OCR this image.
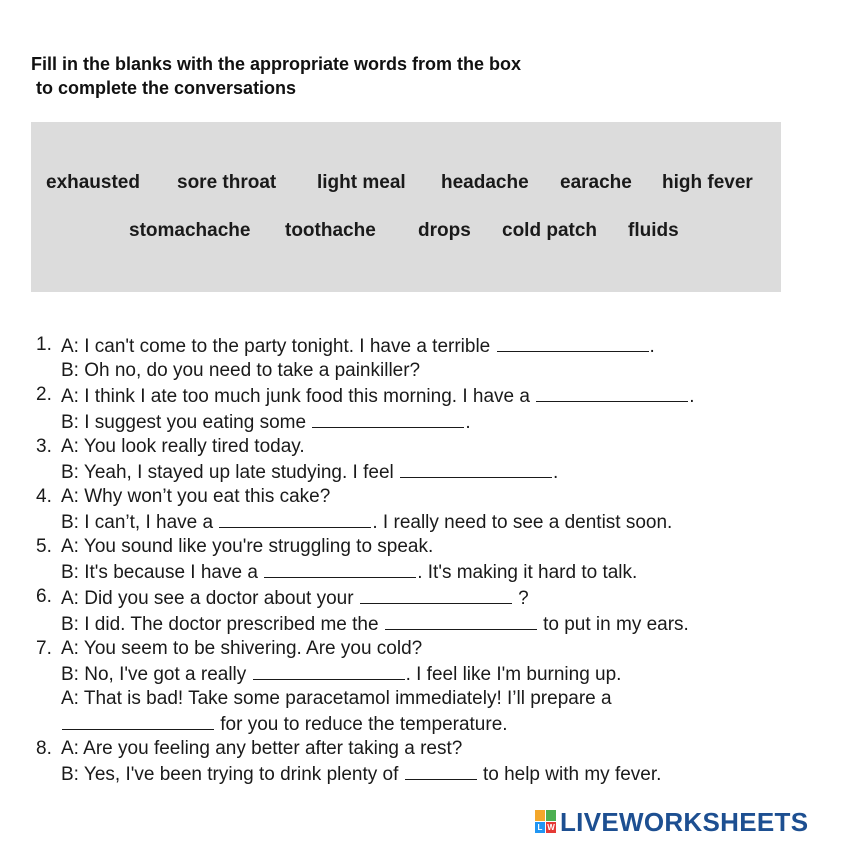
Fill in the blanks with the appropriate words from the box
to complete the conversations
exhausted sore throat light meal headache earache high fever
stomachache toothache drops cold patch fluids
1. A: I can't come to the party tonight. I have a terrible	.
B: Oh no, do you need to take a painkiller?
2. A: I think I ate too much junk food this morning. I have a	.
B: I suggest you eating some	.
3. A: You look really tired today.
B: Yeah, I stayed up late studying. I feel	.
4. A: Why won’t you eat this cake?
B: I can’t, I have a	. I really need to see a dentist soon.
5. A: You sound like you're struggling to speak.
B: It's because I have a	. It's making it hard to talk.
6. A: Did you see a doctor about your	?
B: I did. The doctor prescribed me the	to put in my ears.
7. A: You seem to be shivering. Are you cold?
B: No, I've got a really	. I feel like I'm burning up.
A: That is bad! Take some paracetamol immediately! I’ll prepare a
for you to reduce the temperature.
8. A: Are you feeling any better after taking a rest?
B: Yes, I've been trying to drink plenty of	to help with my fever.
L W LIVEWORKSHEETS
